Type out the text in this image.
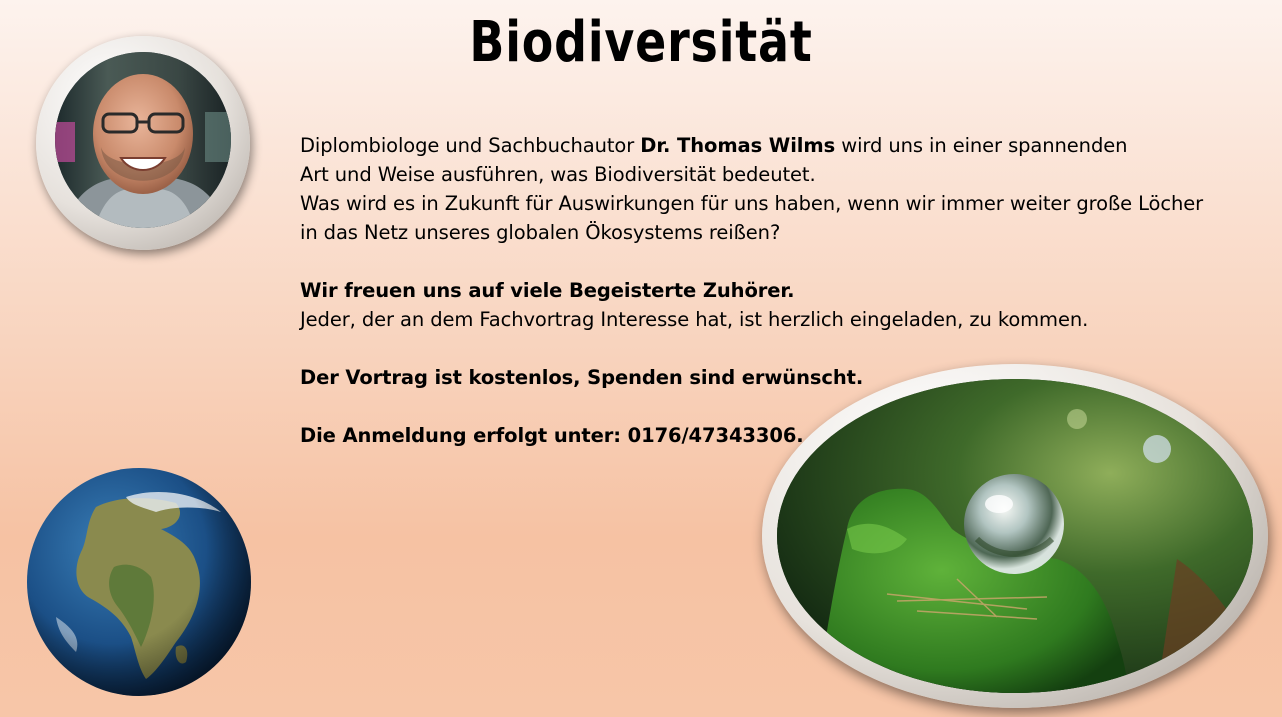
Biodiversität

Diplombiologe und Sachbuchautor Dr. Thomas Wilms wird uns in einer spannenden

Art und Weise ausführen, was Biodiversität bedeutet.

Was wird es in Zukunft für Auswirkungen für uns haben, wenn wir immer weiter große Löcher

in das Netz unseres globalen Ökosystems reißen?

Wir freuen uns auf viele Begeisterte Zuhörer.

Jeder, der an dem Fachvortrag Interesse hat, ist herzlich eingeladen, zu kommen.

Der Vortrag ist kostenlos, Spenden sind erwünscht.

Die Anmeldung erfolgt unter: 0176/47343306.
